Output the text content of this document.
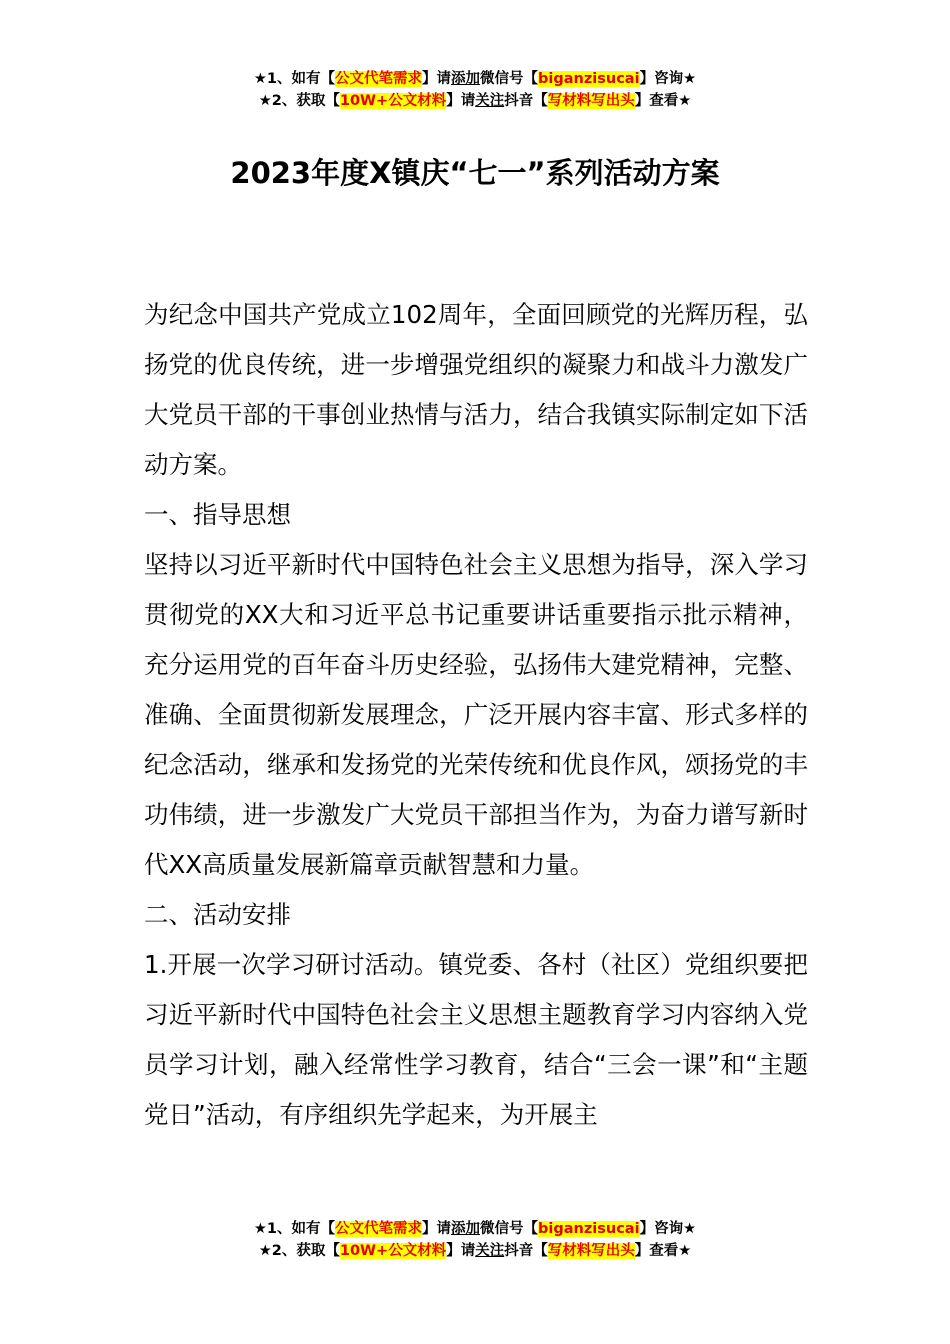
★1、如有【公文代笔需求】请添加微信号【biganzisucai】咨询★
★2、获取【10W+公文材料】请关注抖音【写材料写出头】查看★
2023年度X镇庆“七一”系列活动方案

为纪念中国共产党成立102周年，全面回顾党的光辉历程，弘扬党的优良传统，进一步增强党组织的凝聚力和战斗力激发广大党员干部的干事创业热情与活力，结合我镇实际制定如下活动方案。

一、指导思想

坚持以习近平新时代中国特色社会主义思想为指导，深入学习贯彻党的XX大和习近平总书记重要讲话重要指示批示精神，充分运用党的百年奋斗历史经验，弘扬伟大建党精神，完整、准确、全面贯彻新发展理念，广泛开展内容丰富、形式多样的纪念活动，继承和发扬党的光荣传统和优良作风，颂扬党的丰功伟绩，进一步激发广大党员干部担当作为，为奋力谱写新时代XX高质量发展新篇章贡献智慧和力量。

二、活动安排

1.开展一次学习研讨活动。镇党委、各村（社区）党组织要把习近平新时代中国特色社会主义思想主题教育学习内容纳入党员学习计划，融入经常性学习教育，结合“三会一课”和“主题党日”活动，有序组织先学起来，为开展主

★1、如有【公文代笔需求】请添加微信号【biganzisucai】咨询★
★2、获取【10W+公文材料】请关注抖音【写材料写出头】查看★
